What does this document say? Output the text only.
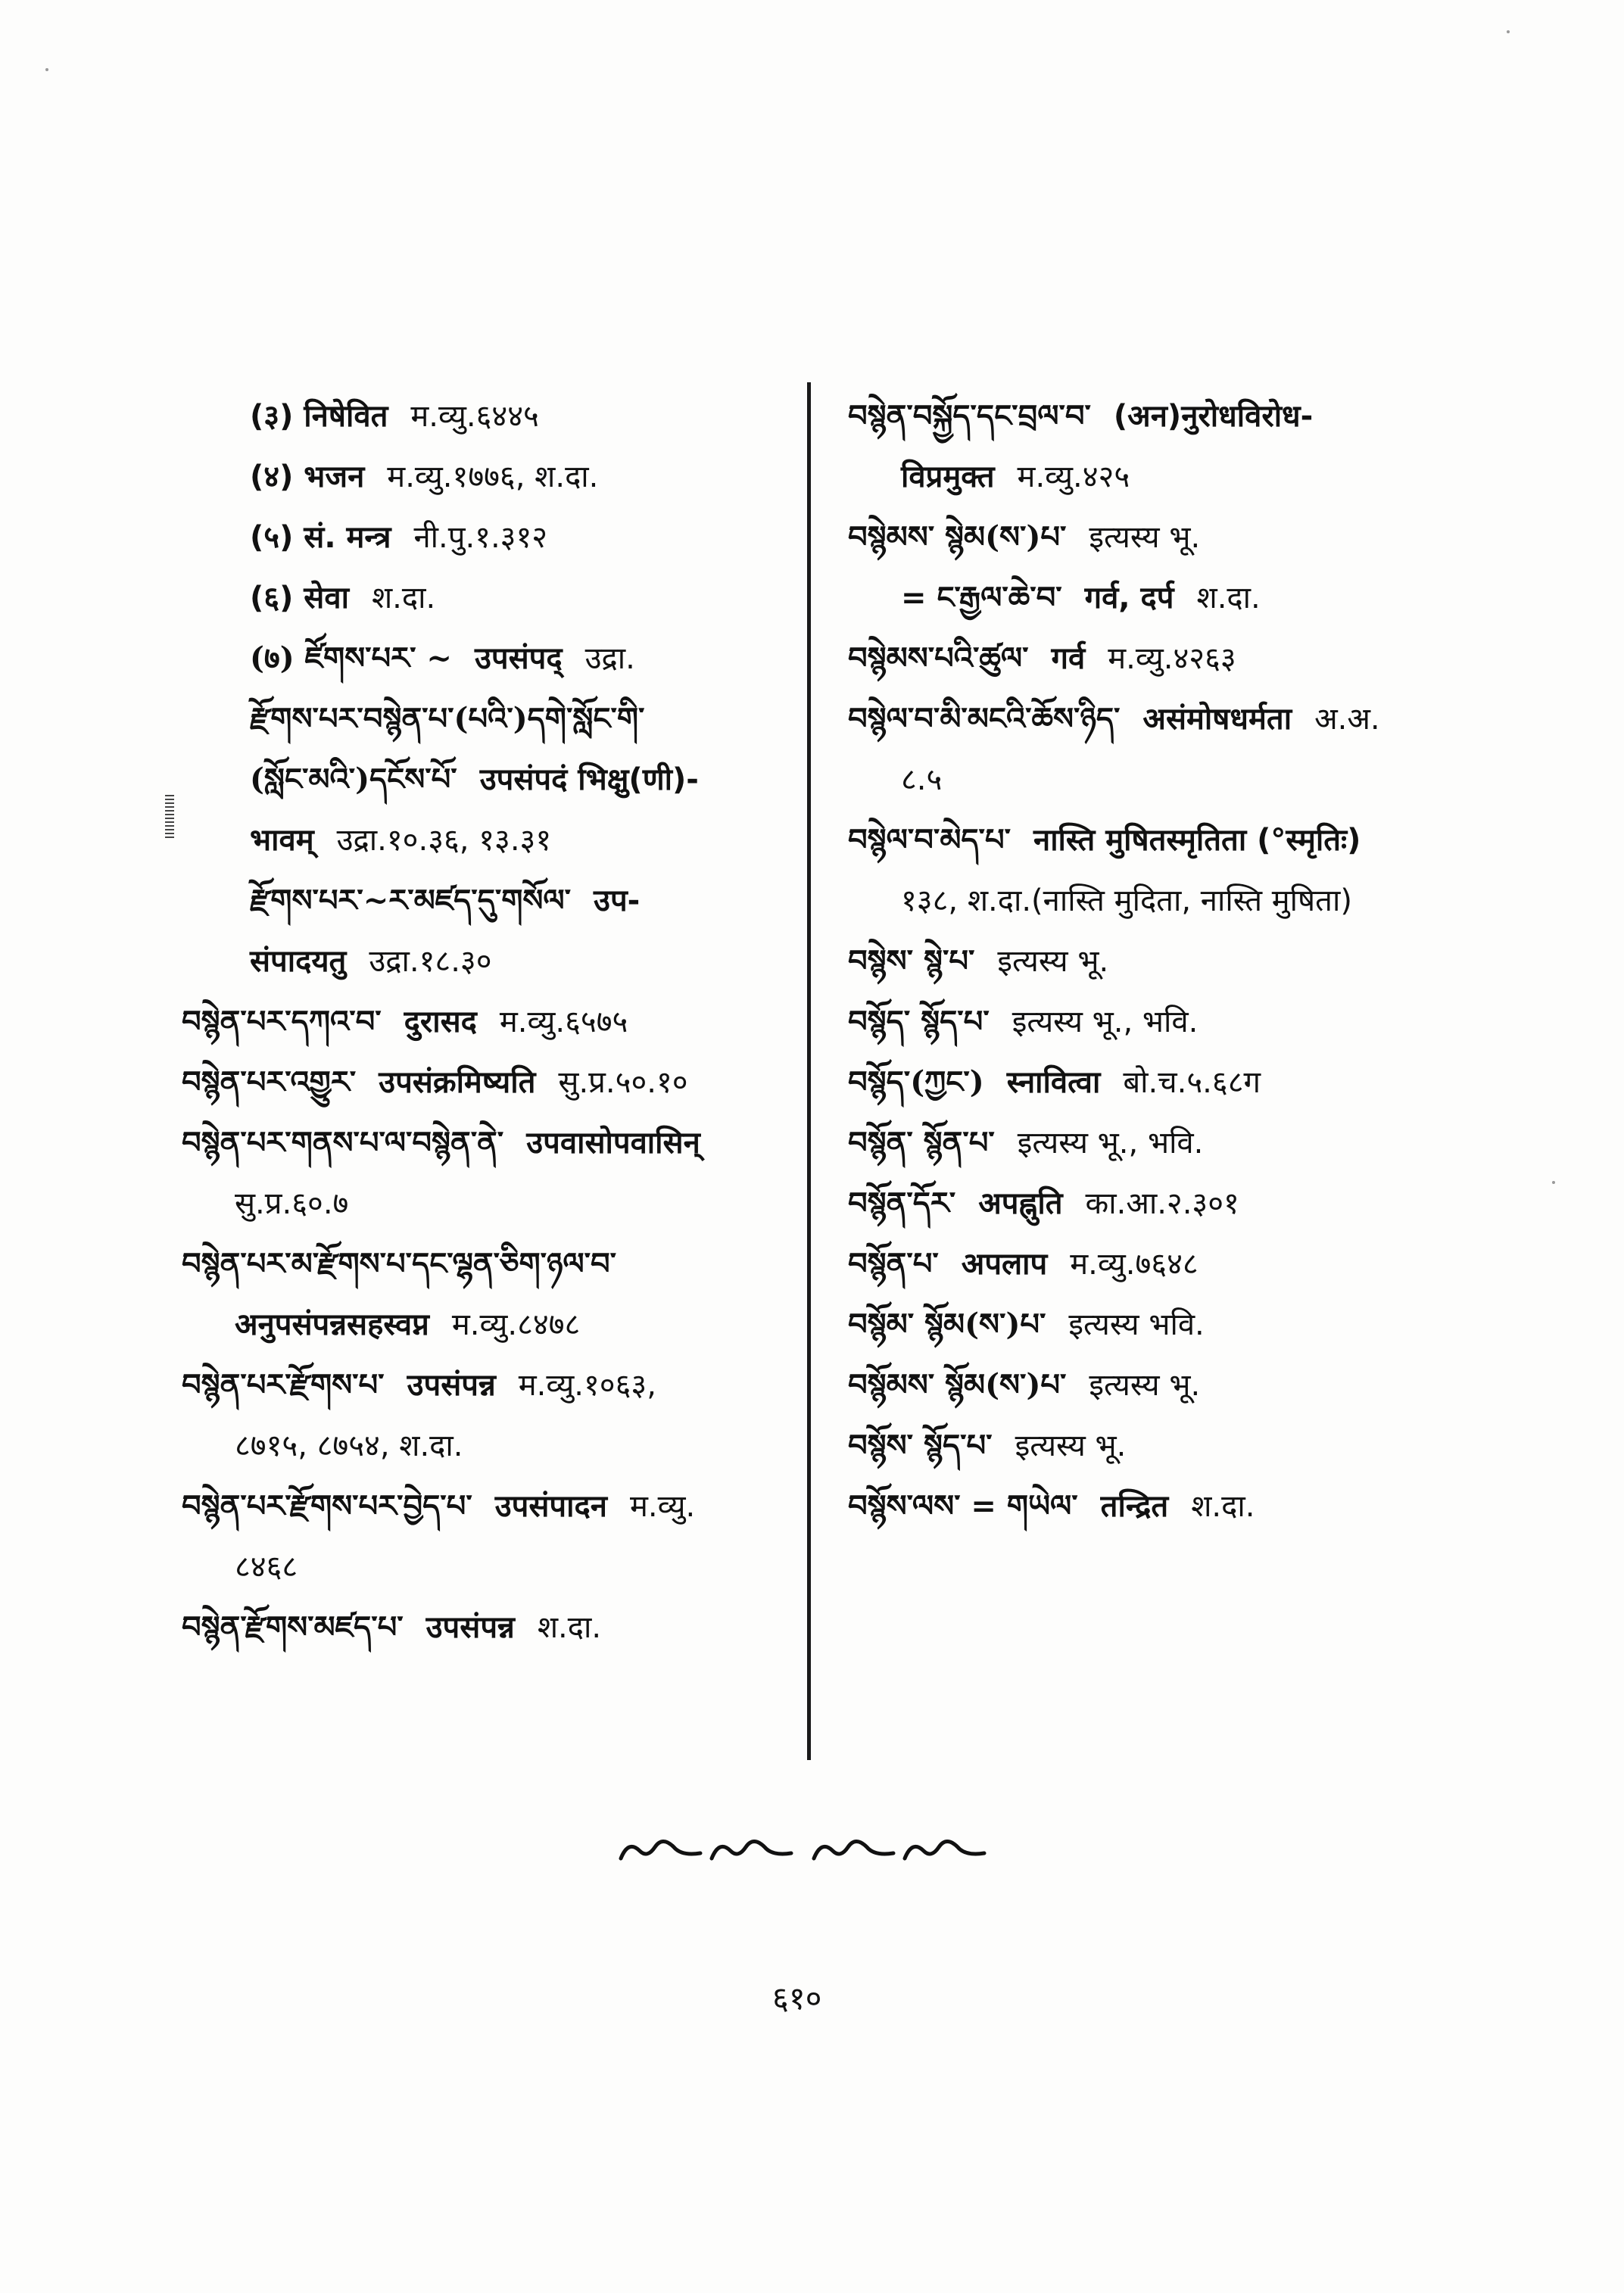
(३) निषेवित म.व्यु.६४४५
(४) भजन म.व्यु.१७७६, श.दा.
(५) सं. मन्त्र नी.पु.१.३१२
(६) सेवा श.दा.
(७) ཛོགས་པར་ ~ उपसंपद् उद्रा.
རྫོགས་པར་བསྙེན་པ་(པའི་)དགེ་སློང་གི་
(སློང་མའི་)དངོས་པོ་ उपसंपदं भिक्षु(णी)-
भावम् उद्रा.१०.३६, १३.३१
རྫོགས་པར་~ར་མཛད་དུ་གསོལ་ उप-
संपादयतु उद्रा.१८.३०
བསྙེན་པར་དཀའ་བ་ दुरासद म.व्यु.६५७५
བསྙེན་པར་འགྱུར་ उपसंक्रमिष्यति सु.प्र.५०.१०
བསྙེན་པར་གནས་པ་ལ་བསྙེན་ནེ་ उपवासोपवासिन्
सु.प्र.६०.७
བསྙེན་པར་མ་རྫོགས་པ་དང་ལྷན་ཅིག་ཉལ་བ་
अनुपसंपन्नसहस्वप्न म.व्यु.८४७८
བསྙེན་པར་རྫོགས་པ་ उपसंपन्न म.व्यु.१०६३,
८७१५, ८७५४, श.दा.
བསྙེན་པར་རྫོགས་པར་བྱེད་པ་ उपसंपादन म.व्यु.
८४६८
བསྙེན་རྫོགས་མཛད་པ་ उपसंपन्न श.दा.
བསྙེན་བསྐྱོད་དང་བྲལ་བ་ (अन)नुरोधविरोध-
विप्रमुक्त म.व्यु.४२५
བསྙེམས་ སྙེམ(ས་)པ་ इत्यस्य भू.
= ང་རྒྱལ་ཆེ་བ་ गर्व, दर्प श.दा.
བསྙེམས་པའི་ཚུལ་ गर्व म.व्यु.४२६३
བསྙེལ་བ་མི་མངའི་ཆོས་ཉིད་ असंमोषधर्मता अ.अ.
८.५
བསྙེལ་བ་མེད་པ་ नास्ति मुषितस्मृतिता (°स्मृतिः)
१३८, श.दा.(नास्ति मुदिता, नास्ति मुषिता)
བསྙེས་ སྙེ་པ་ इत्यस्य भू.
བསྙོད་ སྙོད་པ་ इत्यस्य भू., भवि.
བསྙོད་(ཀྱང་) स्नावित्वा बो.च.५.६८ग
བསྙོན་ སྙོན་པ་ इत्यस्य भू., भवि.
བསྙོན་དོར་ अपह्नुति का.आ.२.३०१
བསྙོན་པ་ अपलाप म.व्यु.७६४८
བསྙོམ་ སྙོམ(ས་)པ་ इत्यस्य भवि.
བསྙོམས་ སྙོམ(ས་)པ་ इत्यस्य भू.
བསྙོས་ སྙོད་པ་ इत्यस्य भू.
བསྙོས་ལས་ = གཡེལ་ तन्द्रित श.दा.
६१०
